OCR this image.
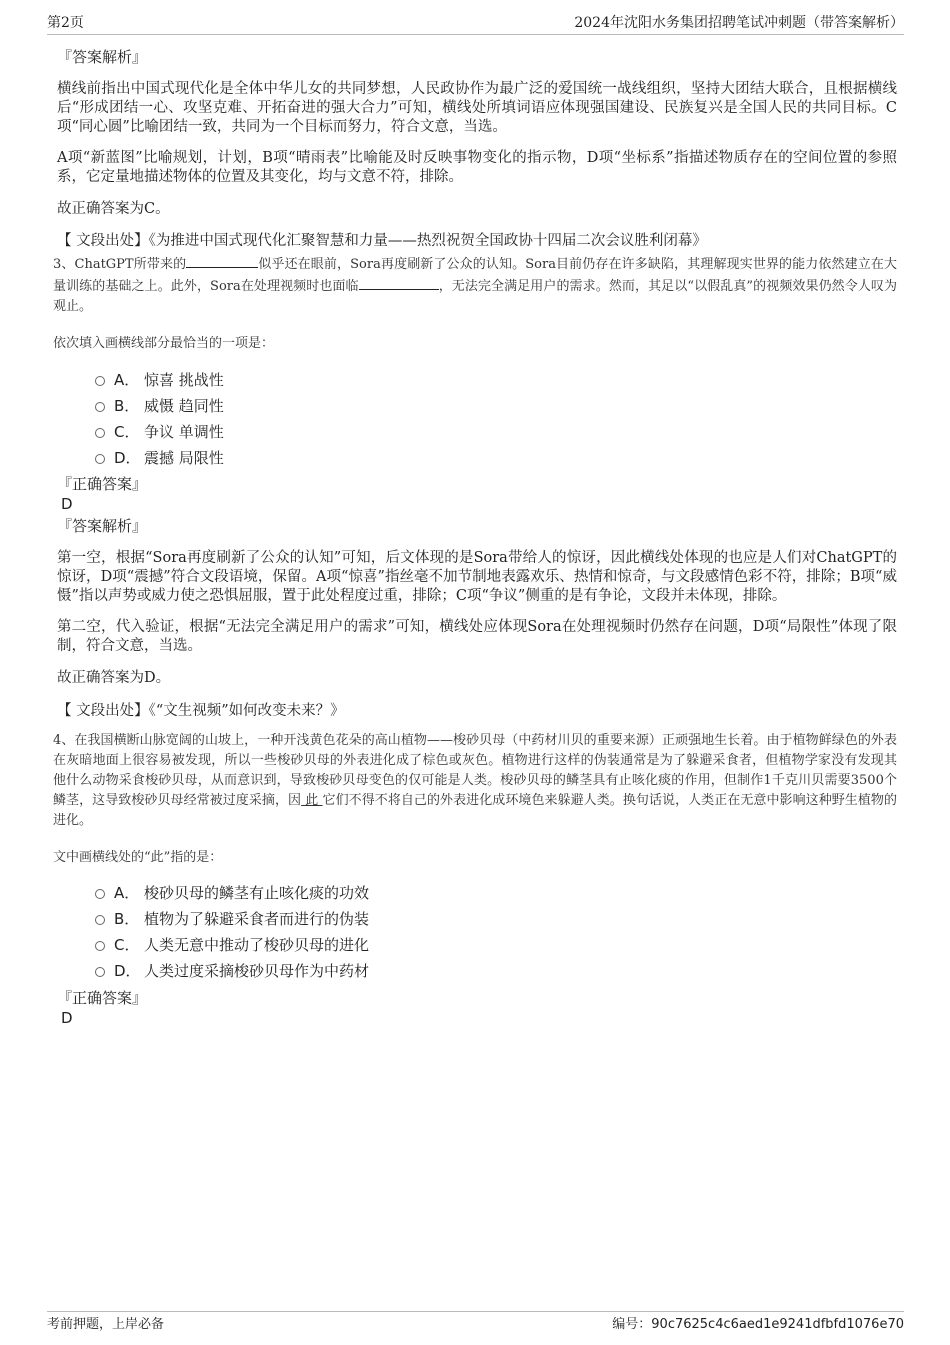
第2页	2024年沈阳水务集团招聘笔试冲刺题（带答案解析）

『答案解析』

横线前指出中国式现代化是全体中华儿女的共同梦想，人民政协作为最广泛的爱国统一战线组织，坚持大团结大联合，且根据横线后“形成团结一心、攻坚克难、开拓奋进的强大合力”可知，横线处所填词语应体现强国建设、民族复兴是全国人民的共同目标。C项“同心圆”比喻团结一致，共同为一个目标而努力，符合文意，当选。

A项“新蓝图”比喻规划，计划，B项“晴雨表”比喻能及时反映事物变化的指示物，D项“坐标系”指描述物质存在的空间位置的参照系，它定量地描述物体的位置及其变化，均与文意不符，排除。

故正确答案为C。

【 文段出处】《为推进中国式现代化汇聚智慧和力量——热烈祝贺全国政协十四届二次会议胜利闭幕》

3、ChatGPT所带来的	似乎还在眼前，Sora再度刷新了公众的认知。Sora目前仍存在许多缺陷，其理解现实世界的能力依然建立在大量训练的基础之上。此外，Sora在处理视频时也面临	，无法完全满足用户的需求。然而，其足以“以假乱真”的视频效果仍然令人叹为观止。

依次填入画横线部分最恰当的一项是：

A． 惊喜 挑战性
B． 威慑 趋同性
C． 争议 单调性
D． 震撼 局限性

『正确答案』

D

『答案解析』

第一空，根据“Sora再度刷新了公众的认知”可知，后文体现的是Sora带给人的惊讶，因此横线处体现的也应是人们对ChatGPT的惊讶，D项“震撼”符合文段语境，保留。A项“惊喜”指丝毫不加节制地表露欢乐、热情和惊奇，与文段感情色彩不符，排除；B项“威慑”指以声势或威力使之恐惧屈服，置于此处程度过重，排除；C项“争议”侧重的是有争论，文段并未体现，排除。

第二空，代入验证，根据“无法完全满足用户的需求”可知，横线处应体现Sora在处理视频时仍然存在问题，D项“局限性”体现了限制，符合文意，当选。

故正确答案为D。

【 文段出处】《“文生视频”如何改变未来？》

4、在我国横断山脉宽阔的山坡上，一种开浅黄色花朵的高山植物——梭砂贝母（中药材川贝的重要来源）正顽强地生长着。由于植物鲜绿色的外表在灰暗地面上很容易被发现，所以一些梭砂贝母的外表进化成了棕色或灰色。植物进行这样的伪装通常是为了躲避采食者，但植物学家没有发现其他什么动物采食梭砂贝母，从而意识到，导致梭砂贝母变色的仅可能是人类。梭砂贝母的鳞茎具有止咳化痰的作用，但制作1千克川贝需要3500个鳞茎，这导致梭砂贝母经常被过度采摘，因 此 它们不得不将自己的外表进化成环境色来躲避人类。换句话说，人类正在无意中影响这种野生植物的进化。

文中画横线处的“此”指的是：

A． 梭砂贝母的鳞茎有止咳化痰的功效
B． 植物为了躲避采食者而进行的伪装
C． 人类无意中推动了梭砂贝母的进化
D． 人类过度采摘梭砂贝母作为中药材

『正确答案』

D

考前押题，上岸必备	编号：90c7625c4c6aed1e9241dfbfd1076e70
